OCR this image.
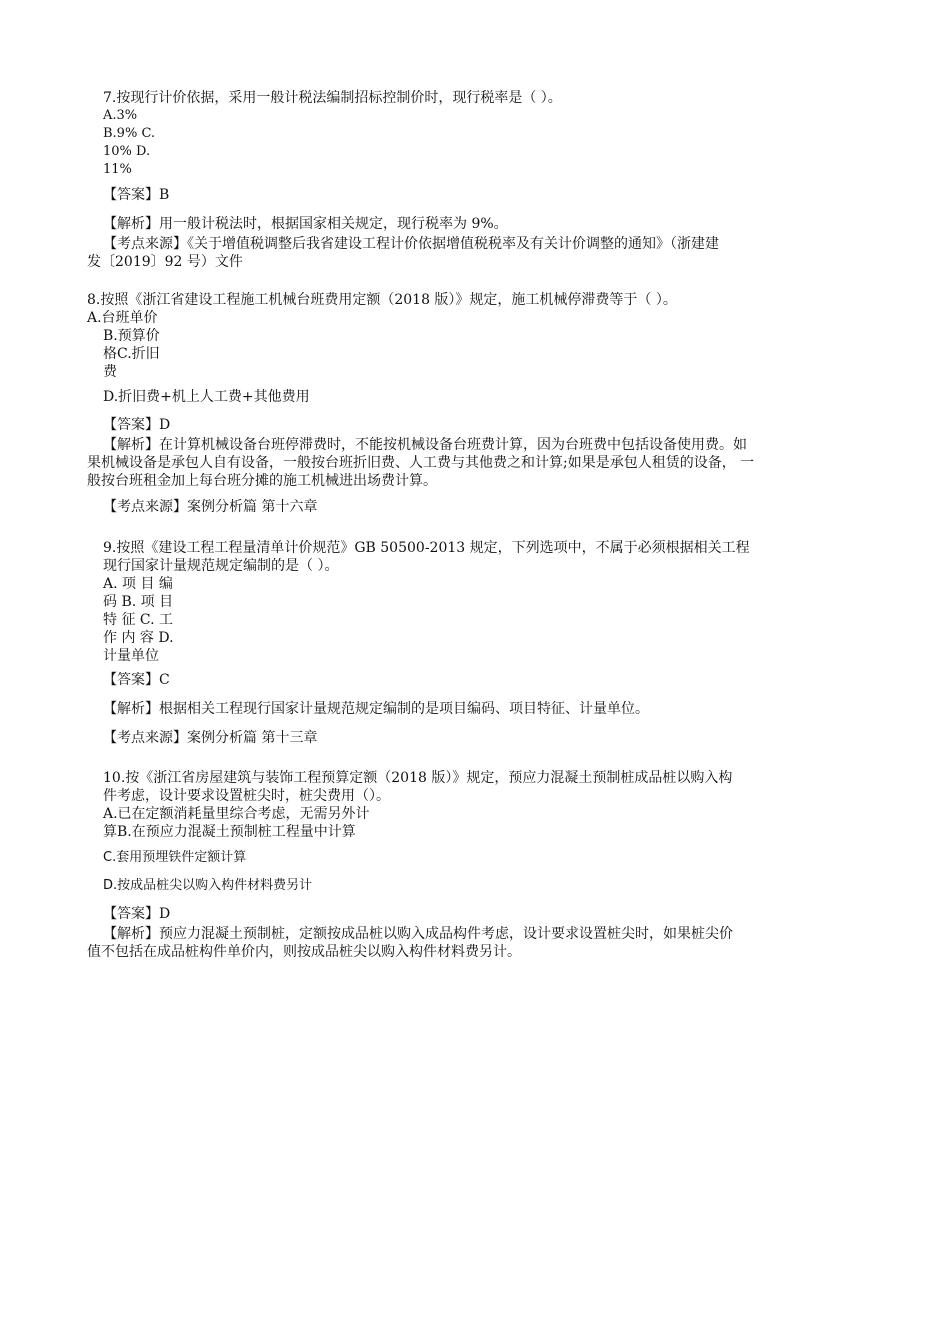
7.按现行计价依据，采用一般计税法编制招标控制价时，现行税率是（ ）。
A.3%
B.9% C.
10% D.
11%
【答案】B
【解析】用一般计税法时，根据国家相关规定，现行税率为 9%。
【考点来源】《关于增值税调整后我省建设工程计价依据增值税税率及有关计价调整的通知》（浙建建
发〔2019〕92 号）文件
8.按照《浙江省建设工程施工机械台班费用定额（2018 版）》规定，施工机械停滞费等于（ ）。
A.台班单价
B.预算价
格C.折旧
费
D.折旧费+机上人工费+其他费用
【答案】D
【解析】在计算机械设备台班停滞费时，不能按机械设备台班费计算，因为台班费中包括设备使用费。如
果机械设备是承包人自有设备，一般按台班折旧费、人工费与其他费之和计算;如果是承包人租赁的设备， 一
般按台班租金加上每台班分摊的施工机械进出场费计算。
【考点来源】案例分析篇 第十六章
9.按照《建设工程工程量清单计价规范》GB 50500-2013 规定，下列选项中，不属于必须根据相关工程
现行国家计量规范规定编制的是（ ）。
A. 项 目 编
码 B. 项 目
特 征 C. 工
作 内 容 D.
计量单位
【答案】C
【解析】根据相关工程现行国家计量规范规定编制的是项目编码、项目特征、计量单位。
【考点来源】案例分析篇 第十三章
10.按《浙江省房屋建筑与装饰工程预算定额（2018 版）》规定，预应力混凝土预制桩成品桩以购入构
件考虑，设计要求设置桩尖时，桩尖费用（）。
A.已在定额消耗量里综合考虑，无需另外计
算B.在预应力混凝土预制桩工程量中计算
C.套用预埋铁件定额计算
D.按成品桩尖以购入构件材料费另计
【答案】D
【解析】预应力混凝土预制桩，定额按成品桩以购入成品构件考虑，设计要求设置桩尖时，如果桩尖价
值不包括在成品桩构件单价内，则按成品桩尖以购入构件材料费另计。
